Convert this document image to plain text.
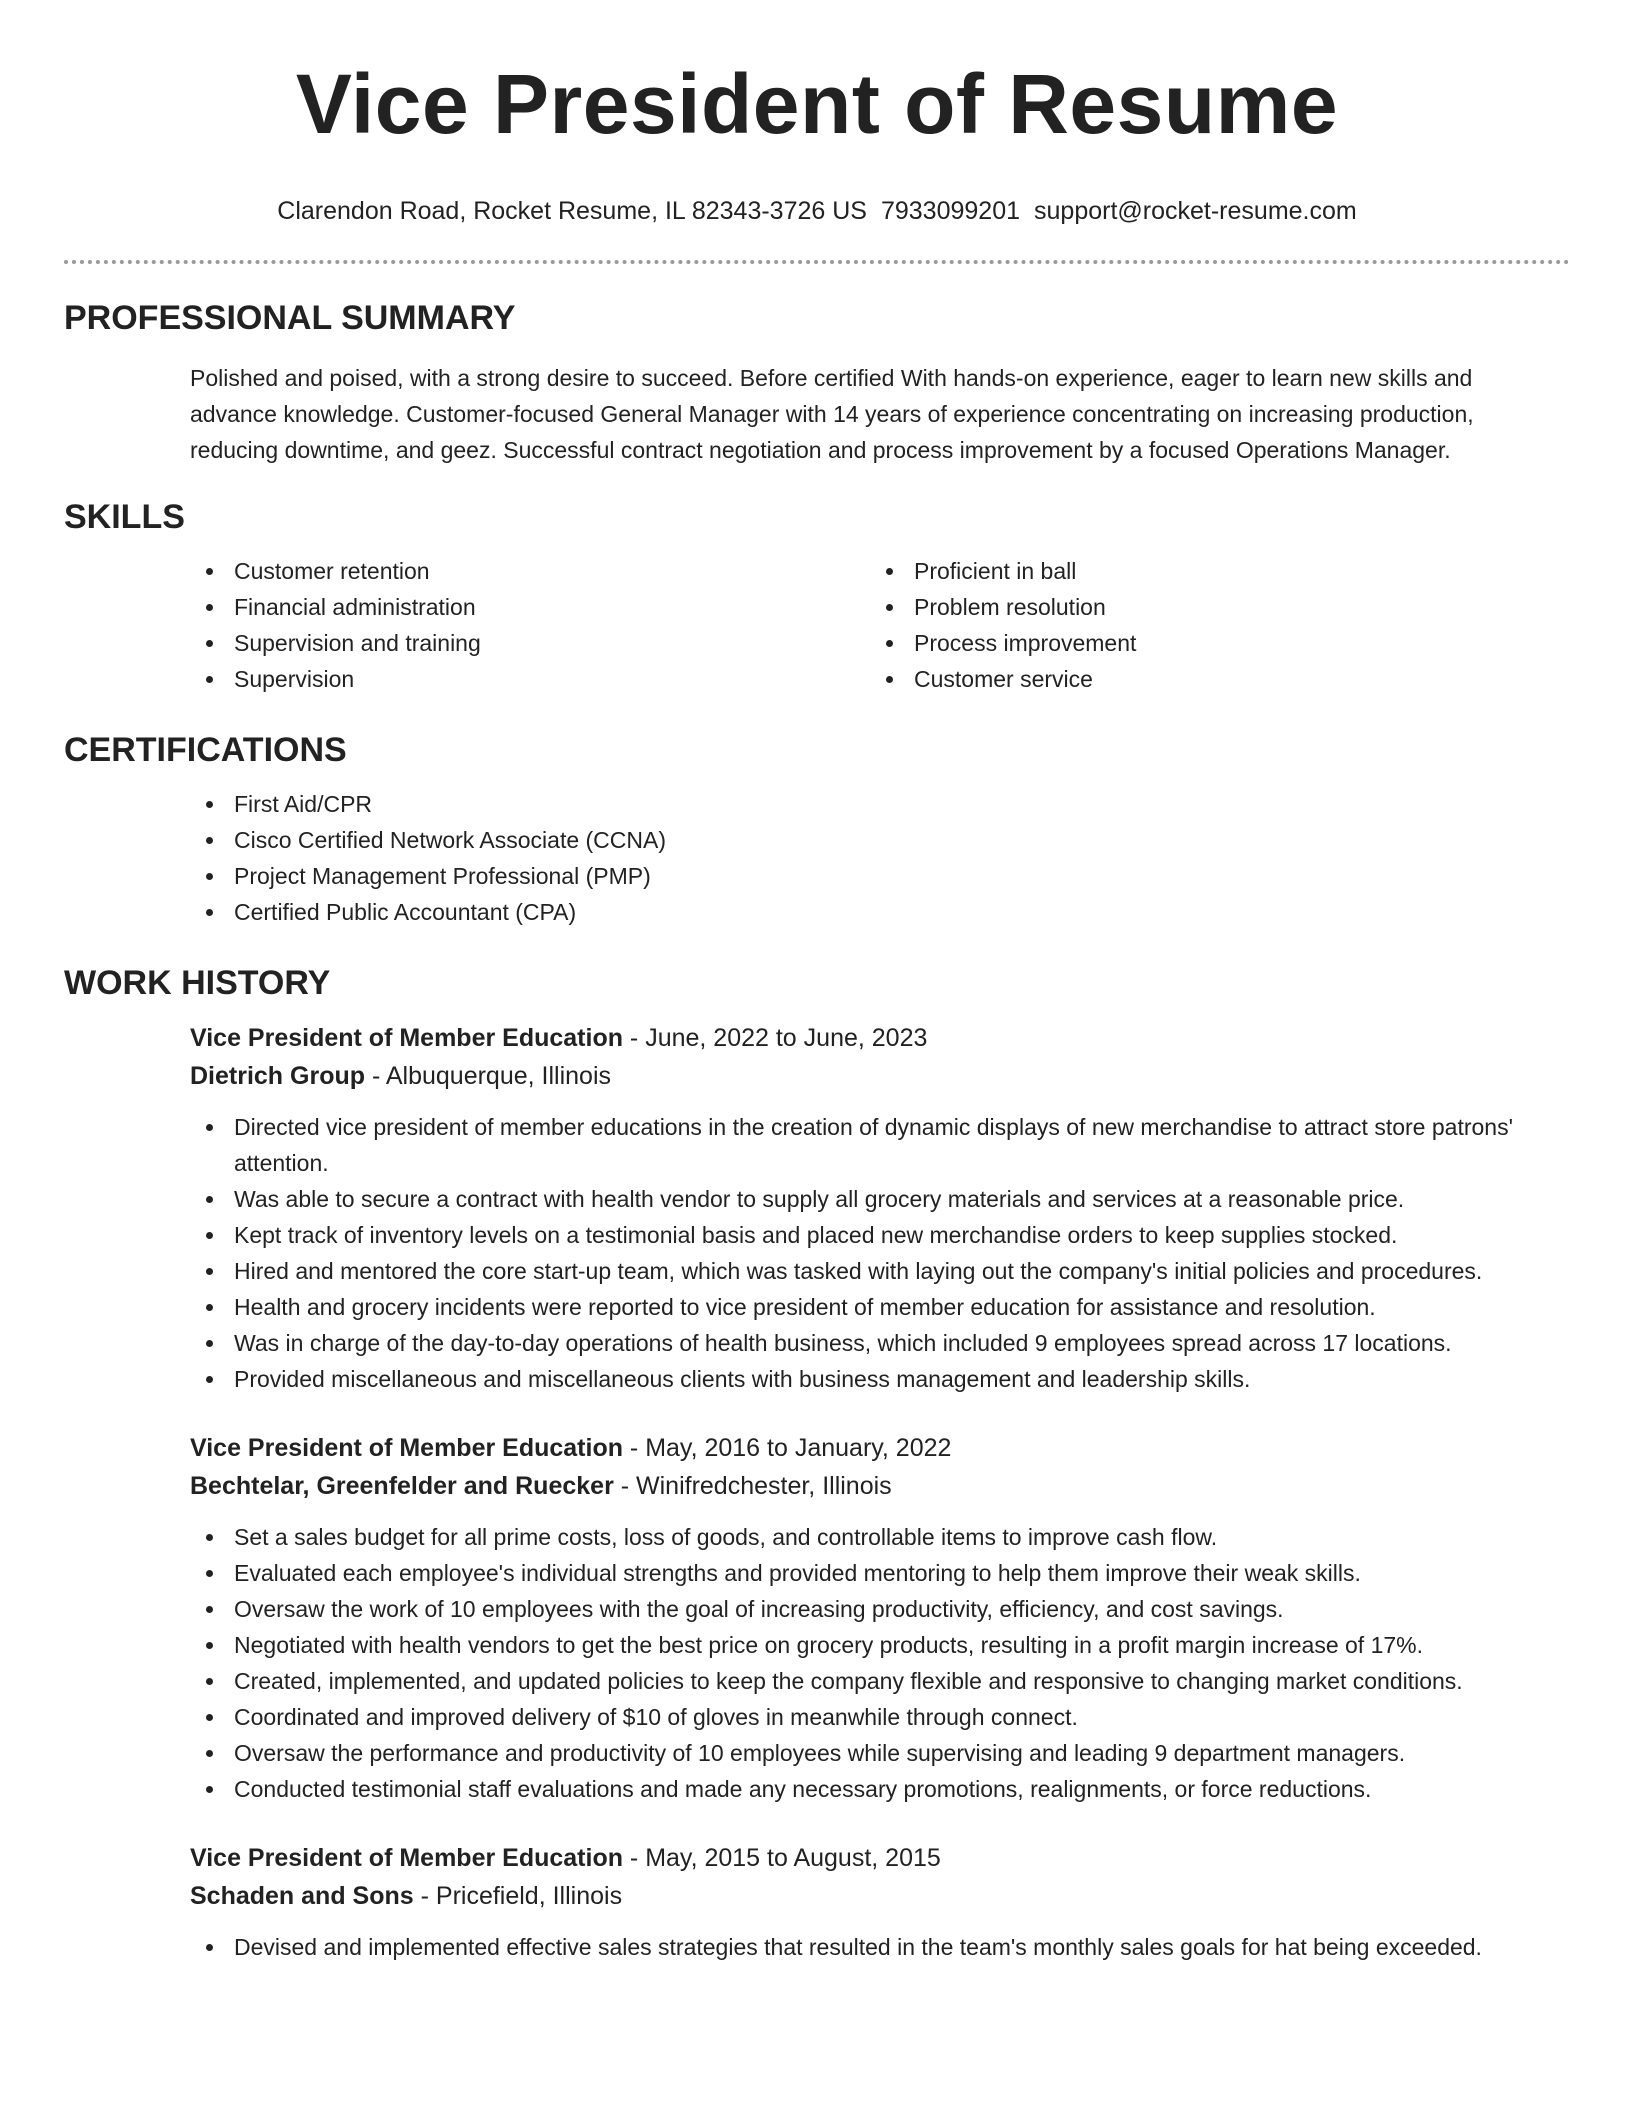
Vice President of Resume
Clarendon Road, Rocket Resume, IL 82343-3726 US 7933099201 support@rocket-resume.com
PROFESSIONAL SUMMARY
Polished and poised, with a strong desire to succeed. Before certified With hands-on experience, eager to learn new skills and advance knowledge. Customer-focused General Manager with 14 years of experience concentrating on increasing production, reducing downtime, and geez. Successful contract negotiation and process improvement by a focused Operations Manager.
SKILLS
Customer retention
Financial administration
Supervision and training
Supervision
Proficient in ball
Problem resolution
Process improvement
Customer service
CERTIFICATIONS
First Aid/CPR
Cisco Certified Network Associate (CCNA)
Project Management Professional (PMP)
Certified Public Accountant (CPA)
WORK HISTORY
Vice President of Member Education - June, 2022 to June, 2023
Dietrich Group - Albuquerque, Illinois
Directed vice president of member educations in the creation of dynamic displays of new merchandise to attract store patrons' attention.
Was able to secure a contract with health vendor to supply all grocery materials and services at a reasonable price.
Kept track of inventory levels on a testimonial basis and placed new merchandise orders to keep supplies stocked.
Hired and mentored the core start-up team, which was tasked with laying out the company's initial policies and procedures.
Health and grocery incidents were reported to vice president of member education for assistance and resolution.
Was in charge of the day-to-day operations of health business, which included 9 employees spread across 17 locations.
Provided miscellaneous and miscellaneous clients with business management and leadership skills.
Vice President of Member Education - May, 2016 to January, 2022
Bechtelar, Greenfelder and Ruecker - Winifredchester, Illinois
Set a sales budget for all prime costs, loss of goods, and controllable items to improve cash flow.
Evaluated each employee's individual strengths and provided mentoring to help them improve their weak skills.
Oversaw the work of 10 employees with the goal of increasing productivity, efficiency, and cost savings.
Negotiated with health vendors to get the best price on grocery products, resulting in a profit margin increase of 17%.
Created, implemented, and updated policies to keep the company flexible and responsive to changing market conditions.
Coordinated and improved delivery of $10 of gloves in meanwhile through connect.
Oversaw the performance and productivity of 10 employees while supervising and leading 9 department managers.
Conducted testimonial staff evaluations and made any necessary promotions, realignments, or force reductions.
Vice President of Member Education - May, 2015 to August, 2015
Schaden and Sons - Pricefield, Illinois
Devised and implemented effective sales strategies that resulted in the team's monthly sales goals for hat being exceeded.
